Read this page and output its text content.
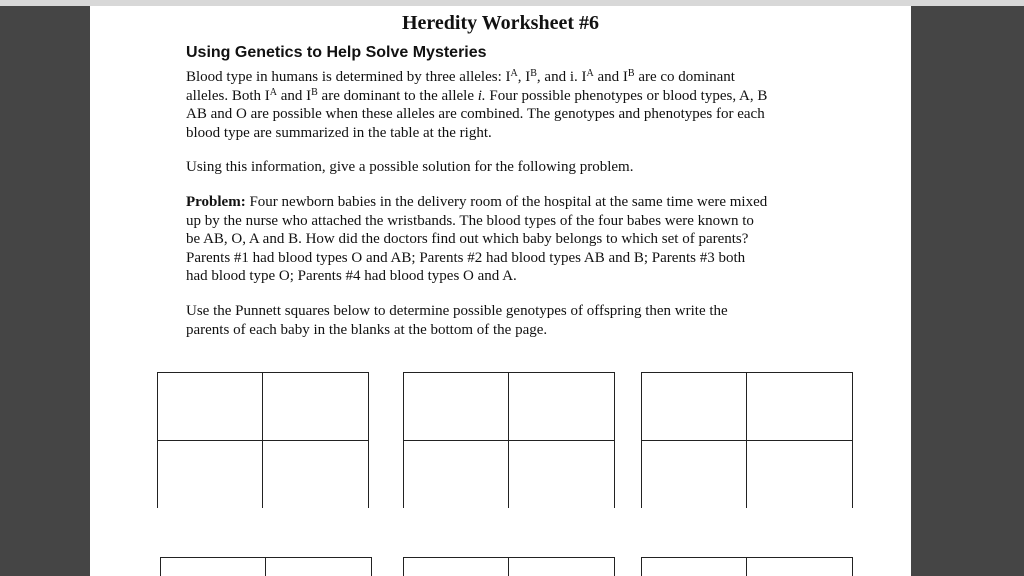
Heredity Worksheet #6
Using Genetics to Help Solve Mysteries
Blood type in humans is determined by three alleles: $I^A$, $I^B$, and i. $I^A$ and $I^B$ are co dominant
alleles. Both $I^A$ and $I^B$ are dominant to the allele i. Four possible phenotypes or blood types, A, B
AB and O are possible when these alleles are combined. The genotypes and phenotypes for each
blood type are summarized in the table at the right.
Using this information, give a possible solution for the following problem.
Problem: Four newborn babies in the delivery room of the hospital at the same time were mixed
up by the nurse who attached the wristbands. The blood types of the four babes were known to
be AB, O, A and B. How did the doctors find out which baby belongs to which set of parents?
Parents #1 had blood types O and AB; Parents #2 had blood types AB and B; Parents #3 both
had blood type O; Parents #4 had blood types O and A.
Use the Punnett squares below to determine possible genotypes of offspring then write the
parents of each baby in the blanks at the bottom of the page.
